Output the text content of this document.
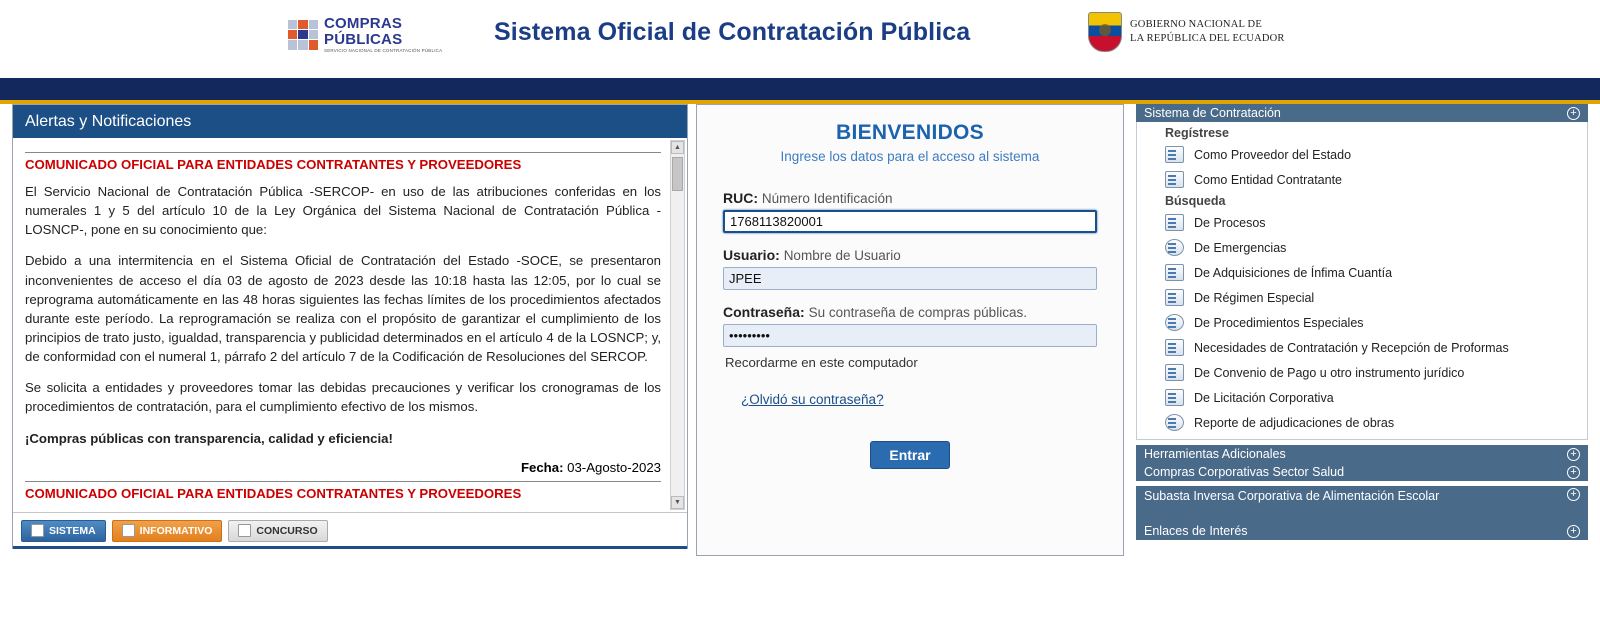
COMPRAS
PÚBLICAS
SERVICIO NACIONAL DE CONTRATACIÓN PÚBLICA
Sistema Oficial de Contratación Pública	GOBIERNO NACIONAL DE
LA REPÚBLICA DEL ECUADOR
Alertas y Notificaciones
COMUNICADO OFICIAL PARA ENTIDADES CONTRATANTES Y PROVEEDORES

El Servicio Nacional de Contratación Pública -SERCOP- en uso de las atribuciones conferidas en los numerales 1 y 5 del artículo 10 de la Ley Orgánica del Sistema Nacional de Contratación Pública -LOSNCP-, pone en su conocimiento que:

Debido a una intermitencia en el Sistema Oficial de Contratación del Estado -SOCE, se presentaron inconvenientes de acceso el día 03 de agosto de 2023 desde las 10:18 hasta las 12:05, por lo cual se reprograma automáticamente en las 48 horas siguientes las fechas límites de los procedimientos afectados durante este período. La reprogramación se realiza con el propósito de garantizar el cumplimiento de los principios de trato justo, igualdad, transparencia y publicidad determinados en el artículo 4 de la LOSNCP; y, de conformidad con el numeral 1, párrafo 2 del artículo 7 de la Codificación de Resoluciones del SERCOP.

Se solicita a entidades y proveedores tomar las debidas precauciones y verificar los cronogramas de los procedimientos de contratación, para el cumplimiento efectivo de los mismos.

¡Compras públicas con transparencia, calidad y eficiencia!

Fecha: 03-Agosto-2023
COMUNICADO OFICIAL PARA ENTIDADES CONTRATANTES Y PROVEEDORES

▲
▼
SISTEMA	INFORMATIVO	CONCURSO
BIENVENIDOS
Ingrese los datos para el acceso al sistema
RUC: Número Identificación
1768113820001
Usuario: Nombre de Usuario
JPEE
Contraseña: Su contraseña de compras públicas.
•••••••••
Recordarme en este computador
¿Olvidó su contraseña?
Entrar
Sistema de Contratación	+
Regístrese
Como Proveedor del Estado
Como Entidad Contratante
Búsqueda
De Procesos
De Emergencias
De Adquisiciones de Ínfima Cuantía
De Régimen Especial
De Procedimientos Especiales
Necesidades de Contratación y Recepción de Proformas
De Convenio de Pago u otro instrumento jurídico
De Licitación Corporativa
Reporte de adjudicaciones de obras
Herramientas Adicionales	+
Compras Corporativas Sector Salud	+
Subasta Inversa Corporativa de Alimentación Escolar	+
Enlaces de Interés	+
